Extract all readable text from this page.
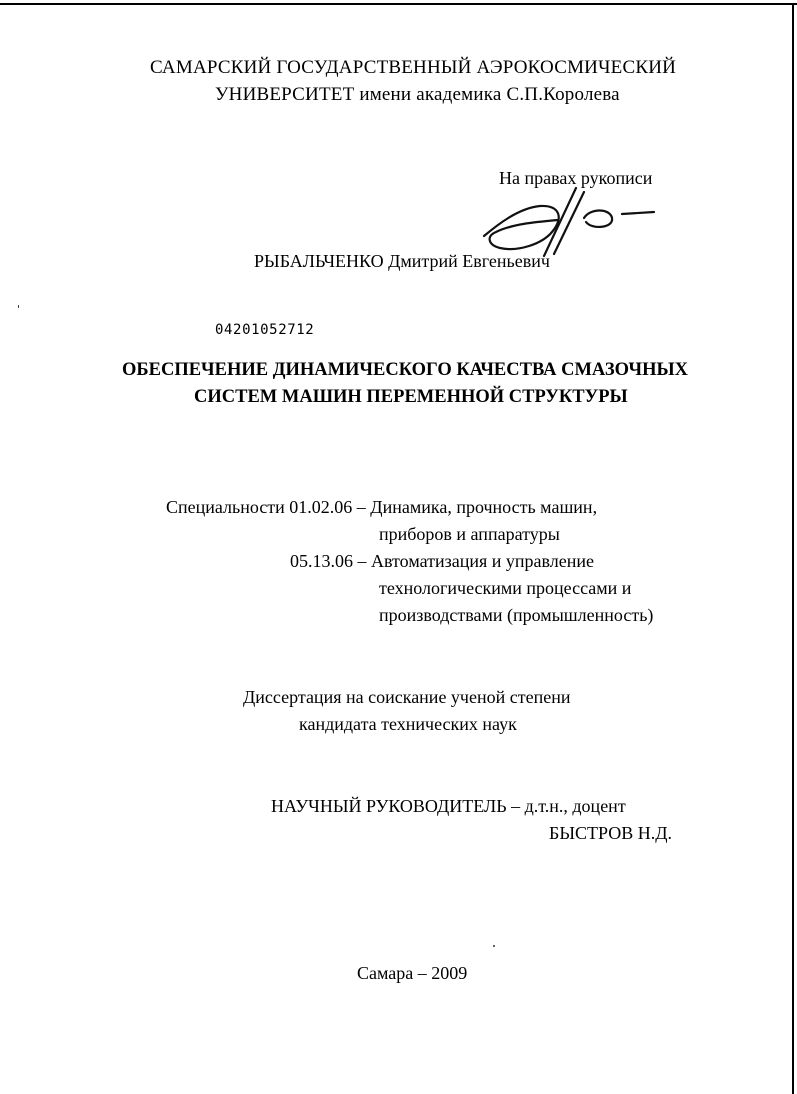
САМАРСКИЙ ГОСУДАРСТВЕННЫЙ АЭРОКОСМИЧЕСКИЙ
УНИВЕРСИТЕТ имени академика С.П.Королева
На правах рукописи
РЫБАЛЬЧЕНКО Дмитрий Евгеньевич
04201052712
ОБЕСПЕЧЕНИЕ ДИНАМИЧЕСКОГО КАЧЕСТВА СМАЗОЧНЫХ
СИСТЕМ МАШИН ПЕРЕМЕННОЙ СТРУКТУРЫ
Специальности 01.02.06 – Динамика, прочность машин,
приборов и аппаратуры
05.13.06 – Автоматизация и управление
технологическими процессами и
производствами (промышленность)
Диссертация на соискание ученой степени
кандидата технических наук
НАУЧНЫЙ РУКОВОДИТЕЛЬ – д.т.н., доцент
БЫСТРОВ Н.Д.
Самара – 2009
